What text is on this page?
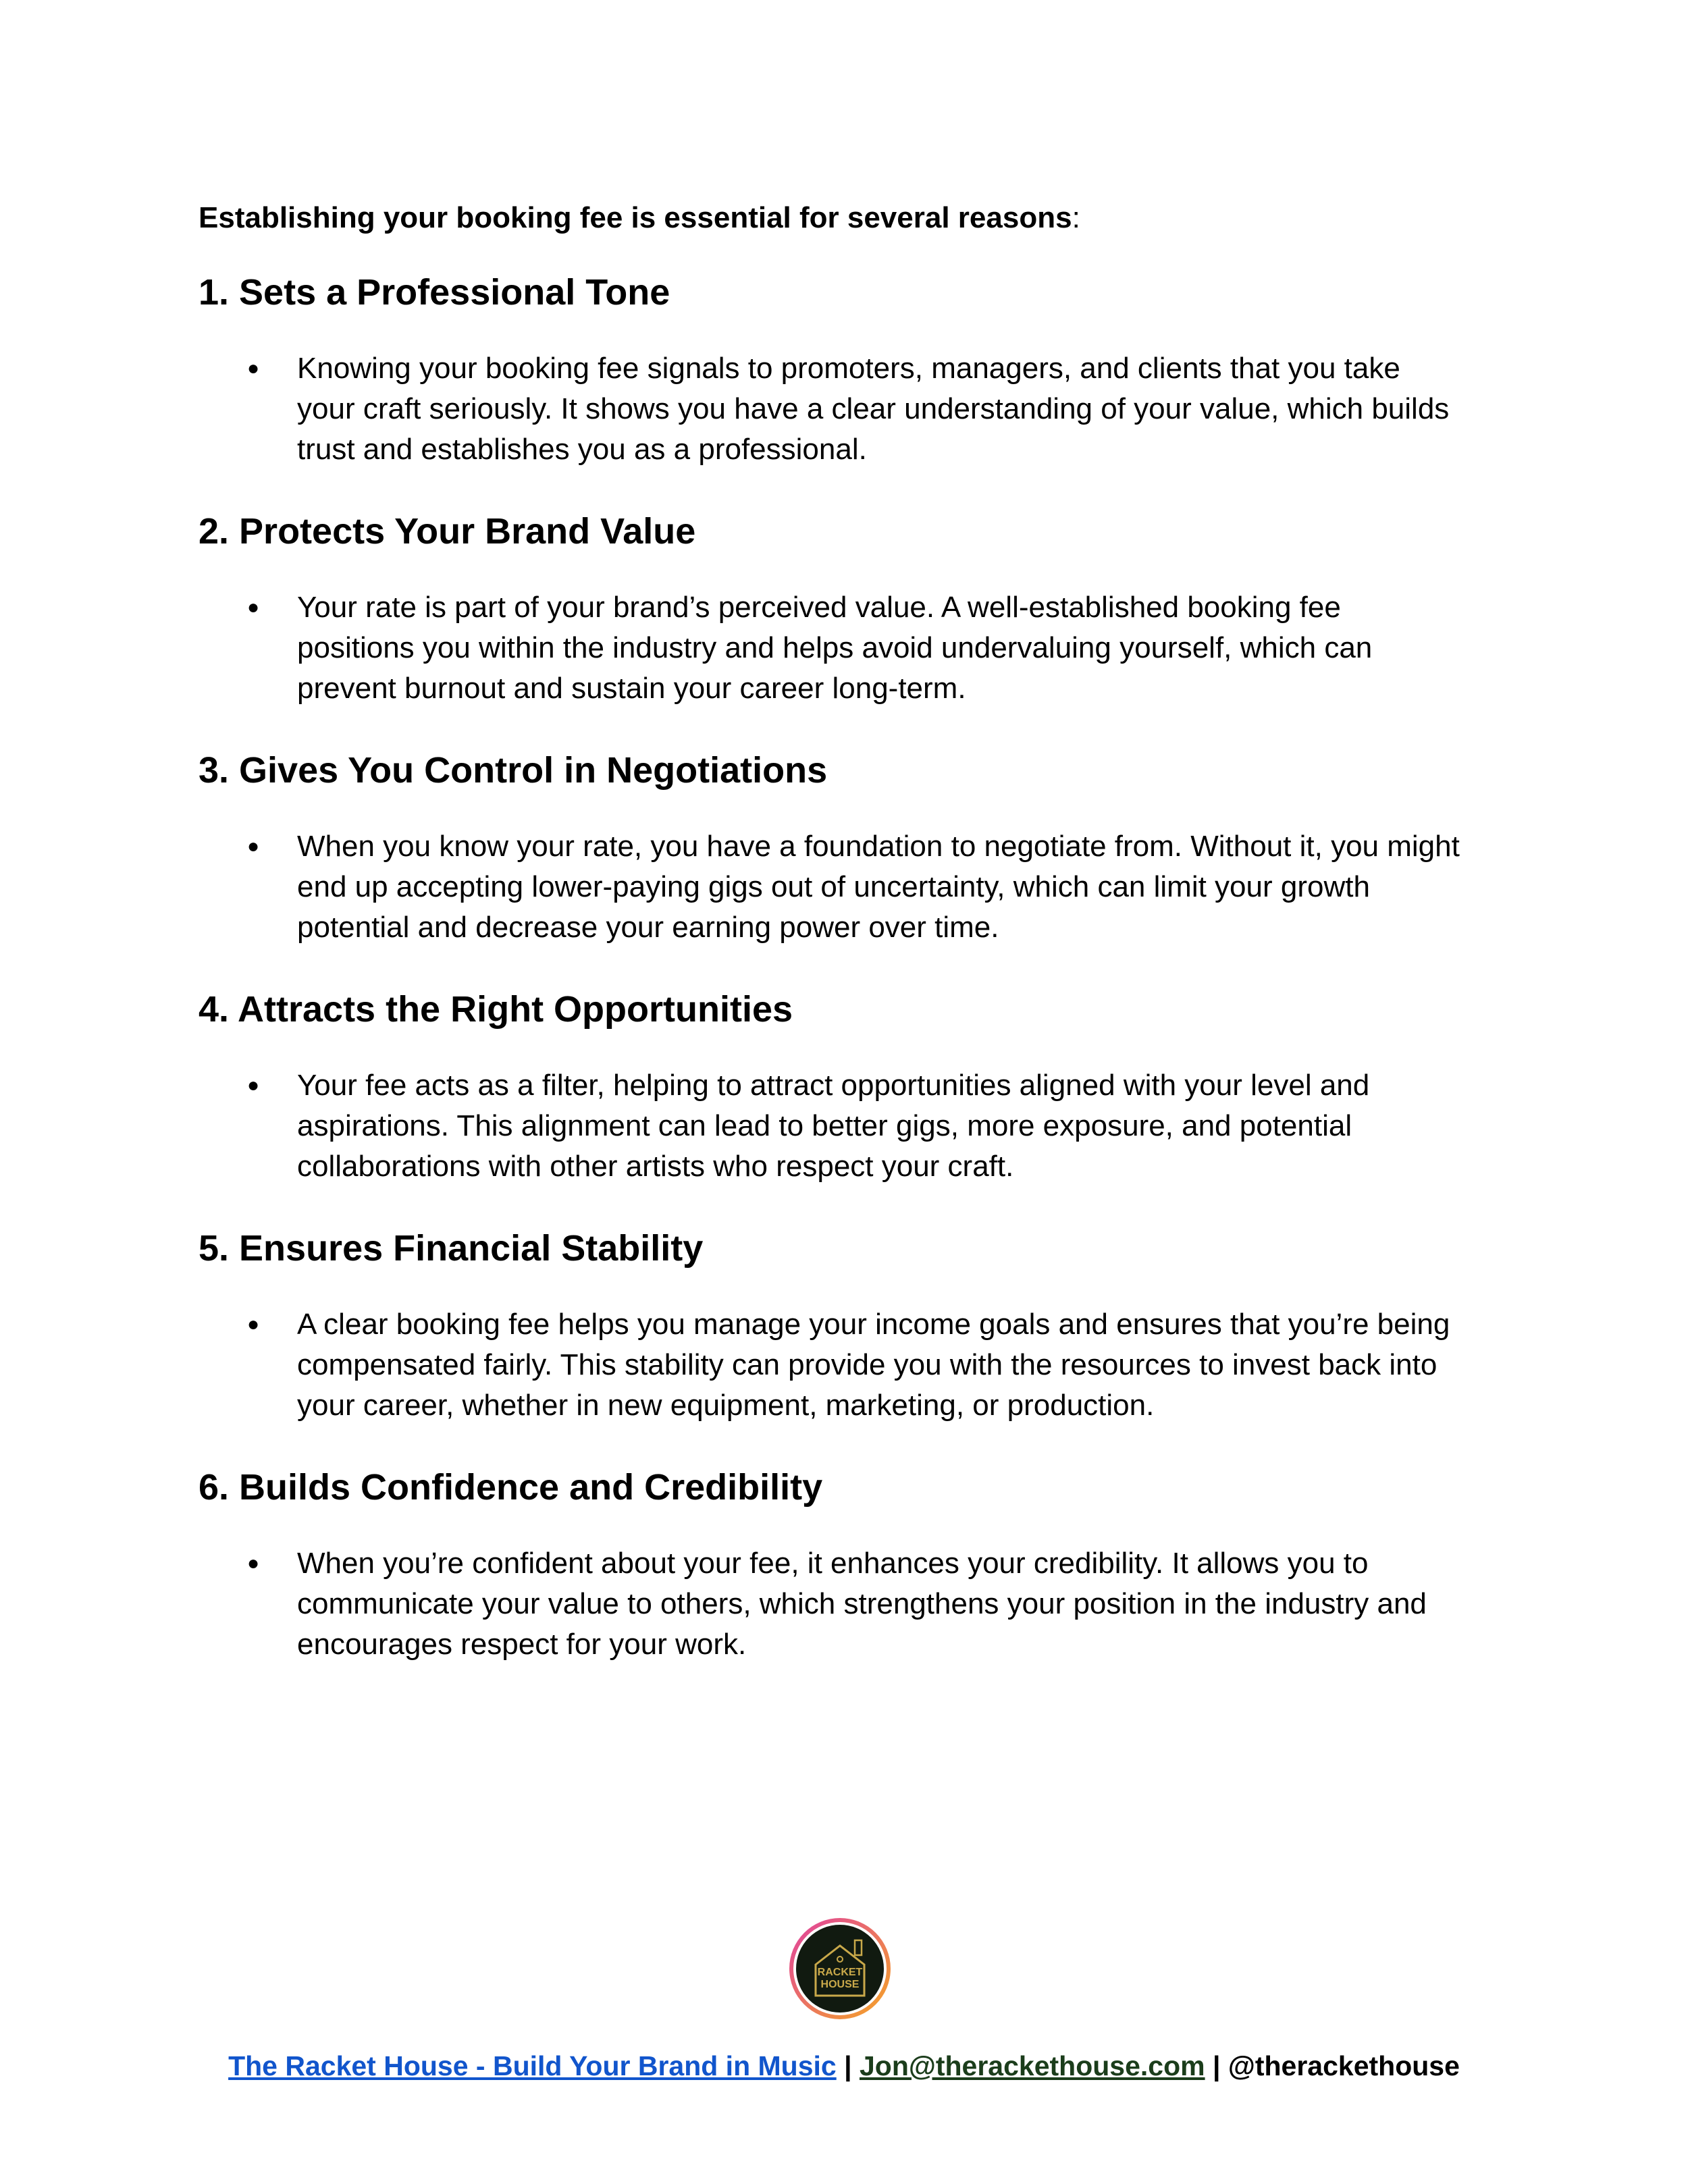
Establishing your booking fee is essential for several reasons:

1. Sets a Professional Tone
● Knowing your booking fee signals to promoters, managers, and clients that you take
your craft seriously. It shows you have a clear understanding of your value, which builds
trust and establishes you as a professional.
2. Protects Your Brand Value
● Your rate is part of your brand’s perceived value. A well-established booking fee
positions you within the industry and helps avoid undervaluing yourself, which can
prevent burnout and sustain your career long-term.
3. Gives You Control in Negotiations
● When you know your rate, you have a foundation to negotiate from. Without it, you might
end up accepting lower-paying gigs out of uncertainty, which can limit your growth
potential and decrease your earning power over time.
4. Attracts the Right Opportunities
● Your fee acts as a filter, helping to attract opportunities aligned with your level and
aspirations. This alignment can lead to better gigs, more exposure, and potential
collaborations with other artists who respect your craft.
5. Ensures Financial Stability
● A clear booking fee helps you manage your income goals and ensures that you’re being
compensated fairly. This stability can provide you with the resources to invest back into
your career, whether in new equipment, marketing, or production.
6. Builds Confidence and Credibility
● When you’re confident about your fee, it enhances your credibility. It allows you to
communicate your value to others, which strengthens your position in the industry and
encourages respect for your work.
RACKET
HOUSE
The Racket House - Build Your Brand in Music | Jon@therackethouse.com | @therackethouse
